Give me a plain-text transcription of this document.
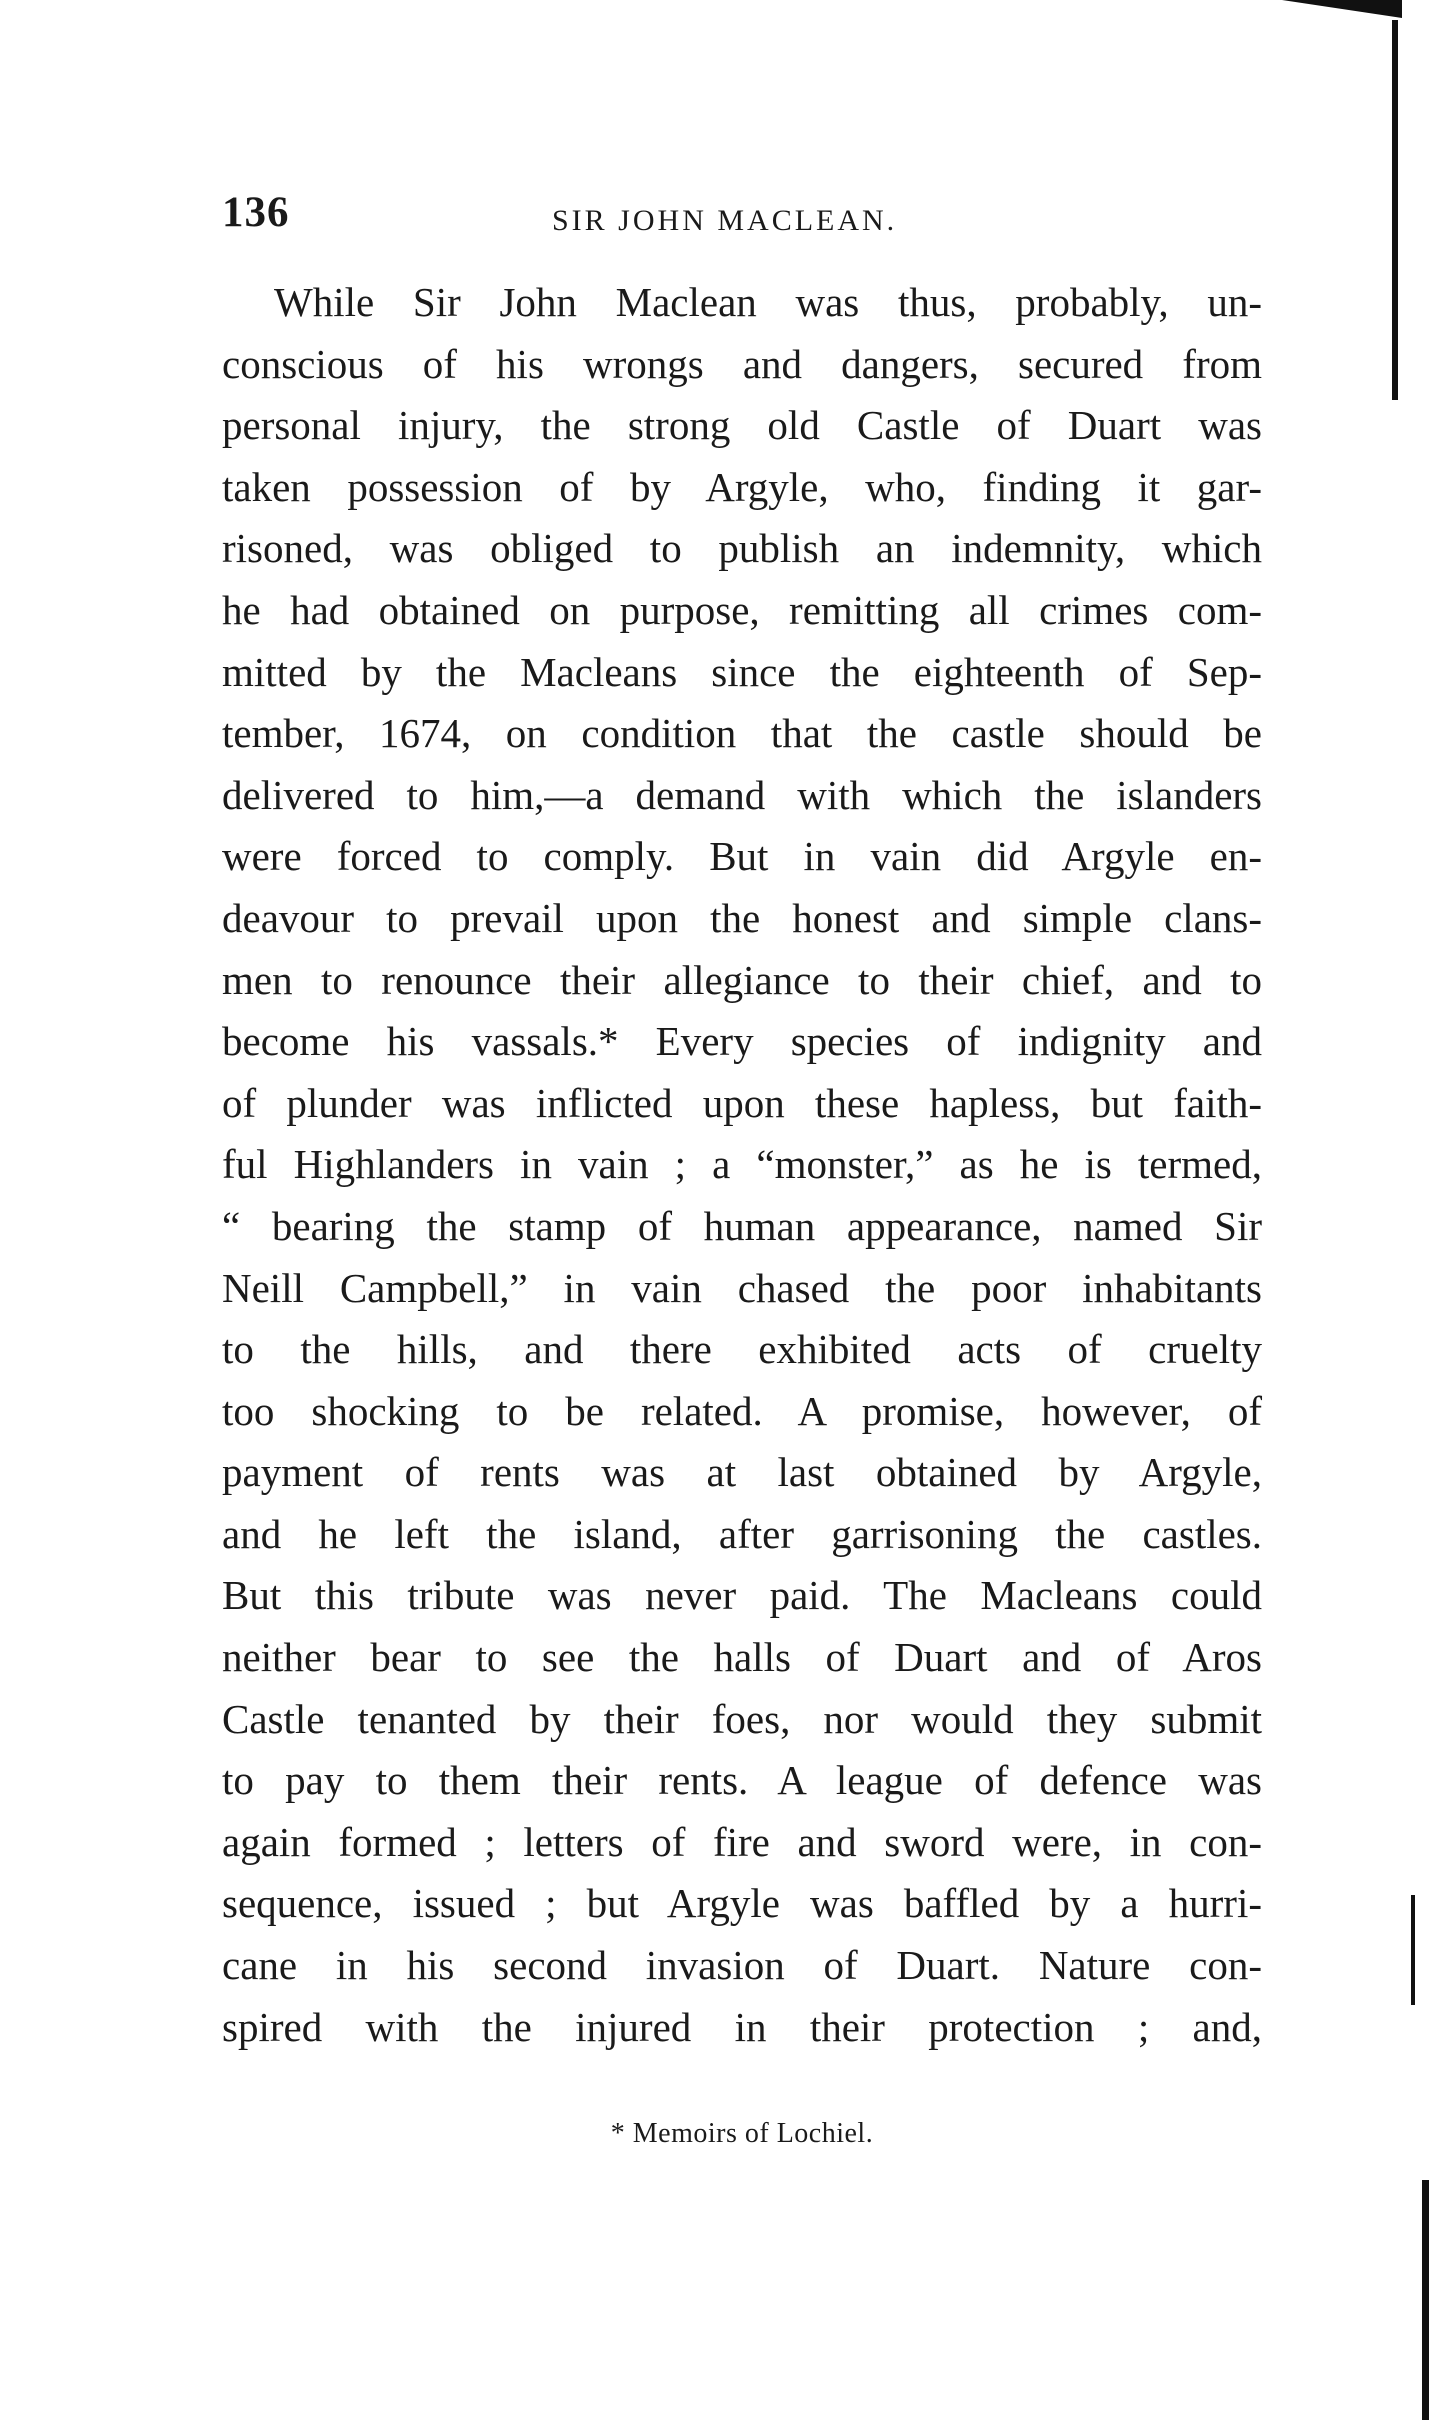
136	SIR JOHN MACLEAN.
While Sir John Maclean was thus, probably, un-
conscious of his wrongs and dangers, secured from
personal injury, the strong old Castle of Duart was
taken possession of by Argyle, who, finding it gar-
risoned, was obliged to publish an indemnity, which
he had obtained on purpose, remitting all crimes com-
mitted by the Macleans since the eighteenth of Sep-
tember, 1674, on condition that the castle should be
delivered to him,—a demand with which the islanders
were forced to comply. But in vain did Argyle en-
deavour to prevail upon the honest and simple clans-
men to renounce their allegiance to their chief, and to
become his vassals.* Every species of indignity and
of plunder was inflicted upon these hapless, but faith-
ful Highlanders in vain ; a “monster,” as he is termed,
“ bearing the stamp of human appearance, named Sir
Neill Campbell,” in vain chased the poor inhabitants
to the hills, and there exhibited acts of cruelty
too shocking to be related. A promise, however, of
payment of rents was at last obtained by Argyle,
and he left the island, after garrisoning the castles.
But this tribute was never paid. The Macleans could
neither bear to see the halls of Duart and of Aros
Castle tenanted by their foes, nor would they submit
to pay to them their rents. A league of defence was
again formed ; letters of fire and sword were, in con-
sequence, issued ; but Argyle was baffled by a hurri-
cane in his second invasion of Duart. Nature con-
spired with the injured in their protection ; and,
* Memoirs of Lochiel.
